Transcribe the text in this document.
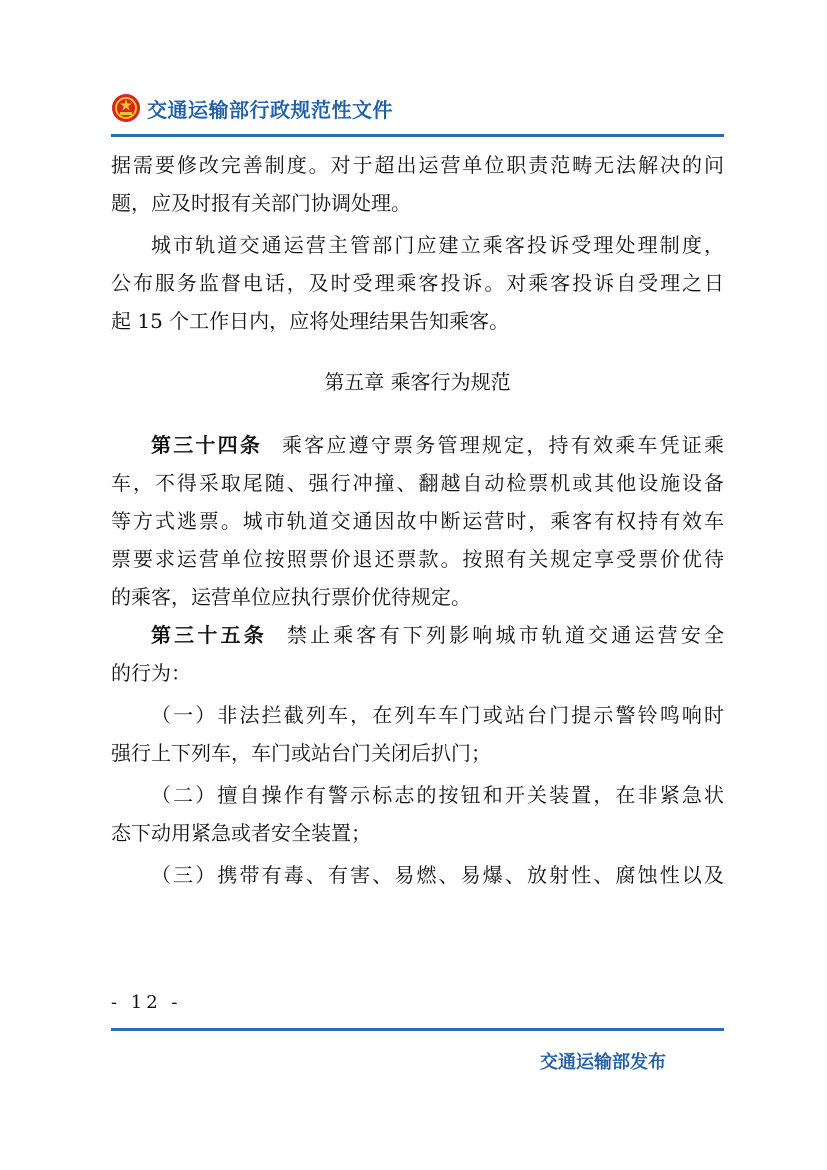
交通运输部行政规范性文件
据需要修改完善制度。对于超出运营单位职责范畴无法解决的问
题，应及时报有关部门协调处理。
城市轨道交通运营主管部门应建立乘客投诉受理处理制度，
公布服务监督电话，及时受理乘客投诉。对乘客投诉自受理之日
起 15 个工作日内，应将处理结果告知乘客。
第五章 乘客行为规范
第三十四条 乘客应遵守票务管理规定，持有效乘车凭证乘
车，不得采取尾随、强行冲撞、翻越自动检票机或其他设施设备
等方式逃票。城市轨道交通因故中断运营时，乘客有权持有效车
票要求运营单位按照票价退还票款。按照有关规定享受票价优待
的乘客，运营单位应执行票价优待规定。
第三十五条 禁止乘客有下列影响城市轨道交通运营安全
的行为：
（一）非法拦截列车，在列车车门或站台门提示警铃鸣响时
强行上下列车，车门或站台门关闭后扒门；
（二）擅自操作有警示标志的按钮和开关装置，在非紧急状
态下动用紧急或者安全装置；
（三）携带有毒、有害、易燃、易爆、放射性、腐蚀性以及
- 12 -
交通运输部发布
